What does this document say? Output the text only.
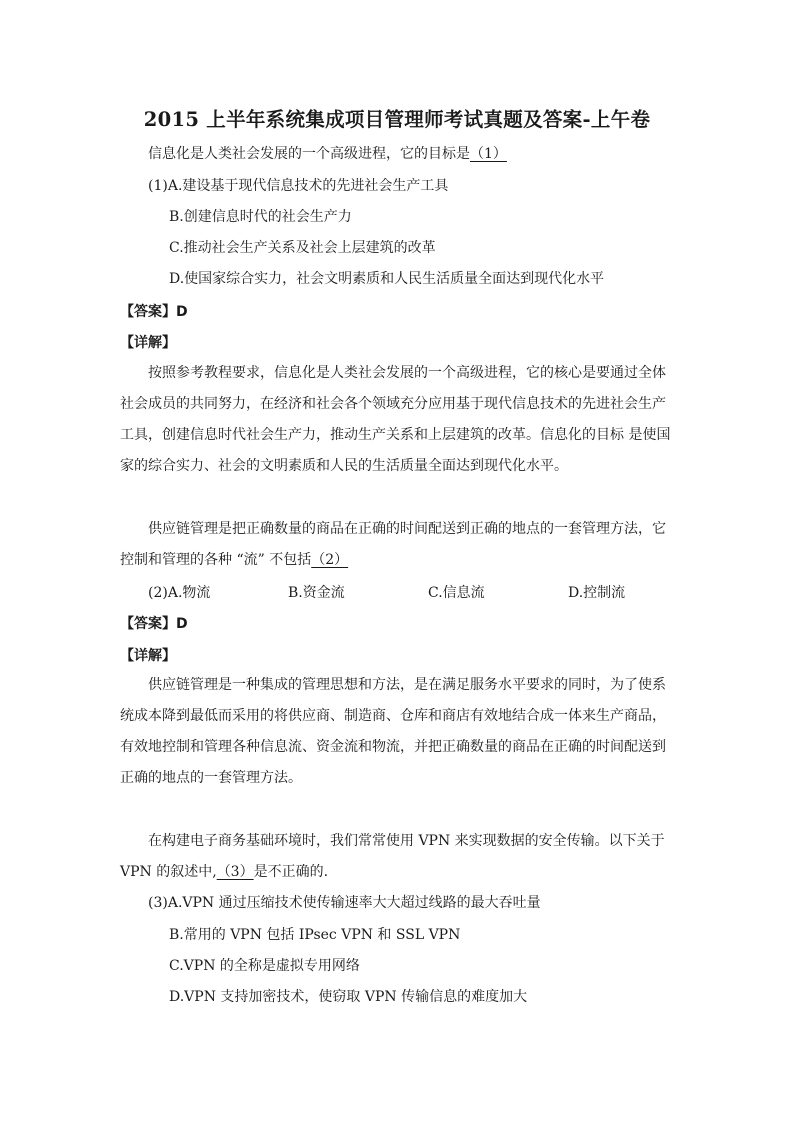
2015 上半年系统集成项目管理师考试真题及答案-上午卷
信息化是人类社会发展的一个高级进程，它的目标是（1）
(1)A.建设基于现代信息技术的先进社会生产工具
B.创建信息时代的社会生产力
C.推动社会生产关系及社会上层建筑的改革
D.使国家综合实力，社会文明素质和人民生活质量全面达到现代化水平
【答案】D
【详解】
按照参考教程要求，信息化是人类社会发展的一个高级进程，它的核心是要通过全体
社会成员的共同努力，在经济和社会各个领域充分应用基于现代信息技术的先进社会生产
工具，创建信息时代社会生产力，推动生产关系和上层建筑的改革。信息化的目标 是使国
家的综合实力、社会的文明素质和人民的生活质量全面达到现代化水平。
供应链管理是把正确数量的商品在正确的时间配送到正确的地点的一套管理方法，它
控制和管理的各种 “流” 不包括（2）
(2)A.物流	B.资金流	C.信息流	D.控制流
【答案】D
【详解】
供应链管理是一种集成的管理思想和方法，是在满足服务水平要求的同时，为了使系
统成本降到最低而采用的将供应商、制造商、仓库和商店有效地结合成一体来生产商品，
有效地控制和管理各种信息流、资金流和物流，并把正确数量的商品在正确的时间配送到
正确的地点的一套管理方法。
在构建电子商务基础环境时，我们常常使用 VPN 来实现数据的安全传输。以下关于
VPN 的叙述中,（3）是不正确的.
(3)A.VPN 通过压缩技术使传输速率大大超过线路的最大吞吐量
B.常用的 VPN 包括 IPsec VPN 和 SSL VPN
C.VPN 的全称是虚拟专用网络
D.VPN 支持加密技术，使窃取 VPN 传输信息的难度加大
